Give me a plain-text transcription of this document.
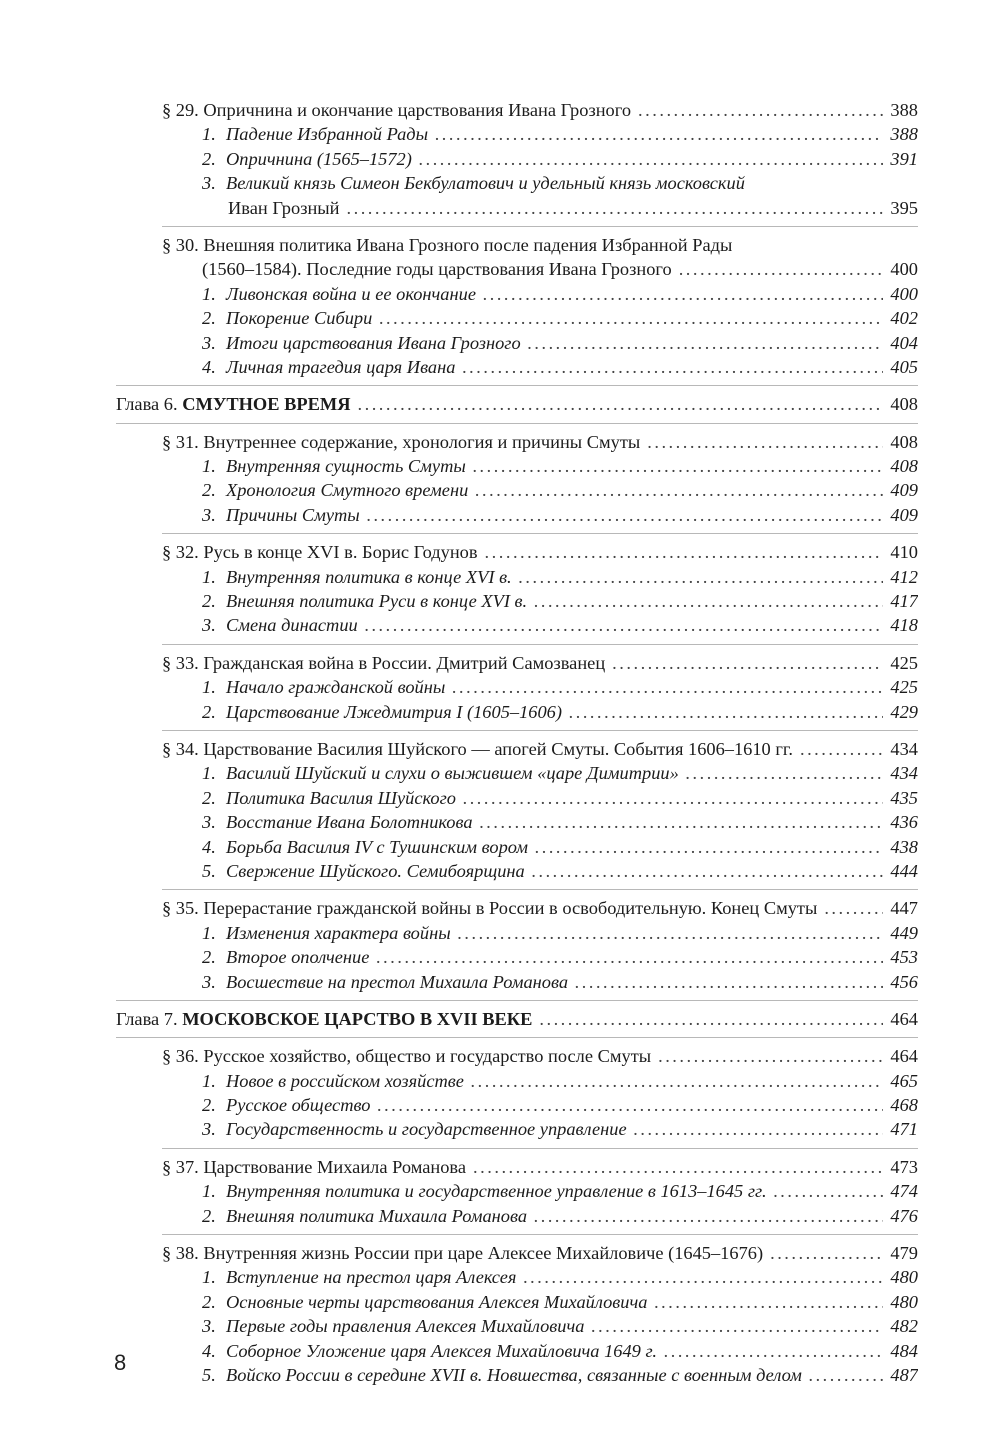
§ 29. Опричнина и окончание царствования Ивана Грозного .....	388
1. Падение Избранной Рады .....	388
2. Опричнина (1565–1572) .....	391
3. Великий князь Симеон Бекбулатович и удельный князь московский
Иван Грозный .....	395
§ 30. Внешняя политика Ивана Грозного после падения Избранной Рады
(1560–1584). Последние годы царствования Ивана Грозного .....	400
1. Ливонская война и ее окончание .....	400
2. Покорение Сибири .....	402
3. Итоги царствования Ивана Грозного .....	404
4. Личная трагедия царя Ивана .....	405
Глава 6. СМУТНОЕ ВРЕМЯ .....	408
§ 31. Внутреннее содержание, хронология и причины Смуты .....	408
1. Внутренняя сущность Смуты .....	408
2. Хронология Смутного времени .....	409
3. Причины Смуты .....	409
§ 32. Русь в конце XVI в. Борис Годунов .....	410
1. Внутренняя политика в конце XVI в. .....	412
2. Внешняя политика Руси в конце XVI в. .....	417
3. Смена династии .....	418
§ 33. Гражданская война в России. Дмитрий Самозванец .....	425
1. Начало гражданской войны .....	425
2. Царствование Лжедмитрия I (1605–1606) .....	429
§ 34. Царствование Василия Шуйского — апогей Смуты. События 1606–1610 гг. .....	434
1. Василий Шуйский и слухи о выжившем «царе Димитрии» .....	434
2. Политика Василия Шуйского .....	435
3. Восстание Ивана Болотникова .....	436
4. Борьба Василия IV с Тушинским вором .....	438
5. Свержение Шуйского. Семибоярщина .....	444
§ 35. Перерастание гражданской войны в России в освободительную. Конец Смуты .....	447
1. Изменения характера войны .....	449
2. Второе ополчение .....	453
3. Восшествие на престол Михаила Романова .....	456
Глава 7. МОСКОВСКОЕ ЦАРСТВО В XVII ВЕКЕ .....	464
§ 36. Русское хозяйство, общество и государство после Смуты .....	464
1. Новое в российском хозяйстве .....	465
2. Русское общество .....	468
3. Государственность и государственное управление .....	471
§ 37. Царствование Михаила Романова .....	473
1. Внутренняя политика и государственное управление в 1613–1645 гг. .....	474
2. Внешняя политика Михаила Романова .....	476
§ 38. Внутренняя жизнь России при царе Алексее Михайловиче (1645–1676) .....	479
1. Вступление на престол царя Алексея .....	480
2. Основные черты царствования Алексея Михайловича .....	480
3. Первые годы правления Алексея Михайловича .....	482
4. Соборное Уложение царя Алексея Михайловича 1649 г. .....	484
5. Войско России в середине XVII в. Новшества, связанные с военным делом .....	487
8
